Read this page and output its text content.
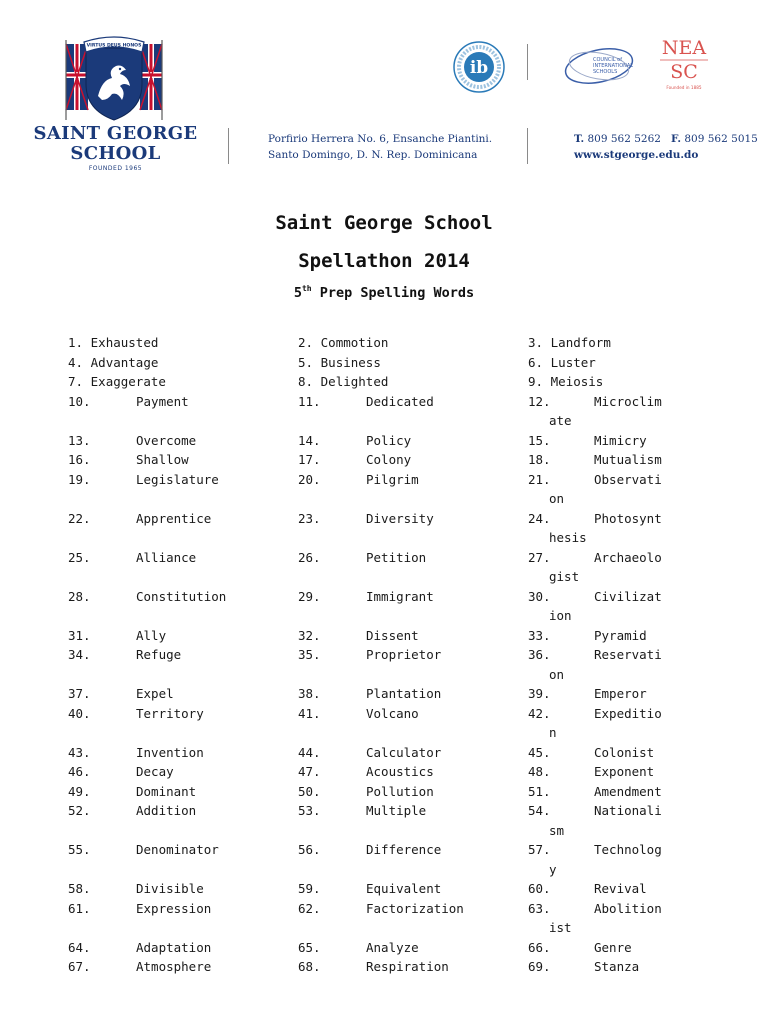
VIRTUS DEUS HONOS
SAINT GEORGE
SCHOOL
FOUNDED 1965
Porfirio Herrera No. 6, Ensanche Piantini.
Santo Domingo, D. N. Rep. Dominicana
T. 809 562 5262 F. 809 562 5015
www.stgeorge.edu.do
ib	COUNCIL of
INTERNATIONAL
SCHOOLS
NEA
SC
Founded in 1885
Saint George School
Spellathon 2014
5th Prep Spelling Words
1. Exhausted	2. Commotion	3. Landform
4. Advantage	5. Business	6. Luster
7. Exaggerate	8. Delighted	9. Meiosis
10.	Payment	11.	Dedicated	12.	Microclim
ate
13.	Overcome	14.	Policy	15.	Mimicry
16.	Shallow	17.	Colony	18.	Mutualism
19.	Legislature	20.	Pilgrim	21.	Observati
on
22.	Apprentice	23.	Diversity	24.	Photosynt
hesis
25.	Alliance	26.	Petition	27.	Archaeolo
gist
28.	Constitution	29.	Immigrant	30.	Civilizat
ion
31.	Ally	32.	Dissent	33.	Pyramid
34.	Refuge	35.	Proprietor	36.	Reservati
on
37.	Expel	38.	Plantation	39.	Emperor
40.	Territory	41.	Volcano	42.	Expeditio
n
43.	Invention	44.	Calculator	45.	Colonist
46.	Decay	47.	Acoustics	48.	Exponent
49.	Dominant	50.	Pollution	51.	Amendment
52.	Addition	53.	Multiple	54.	Nationali
sm
55.	Denominator	56.	Difference	57.	Technolog
y
58.	Divisible	59.	Equivalent	60.	Revival
61.	Expression	62.	Factorization	63.	Abolition
ist
64.	Adaptation	65.	Analyze	66.	Genre
67.	Atmosphere	68.	Respiration	69.	Stanza
